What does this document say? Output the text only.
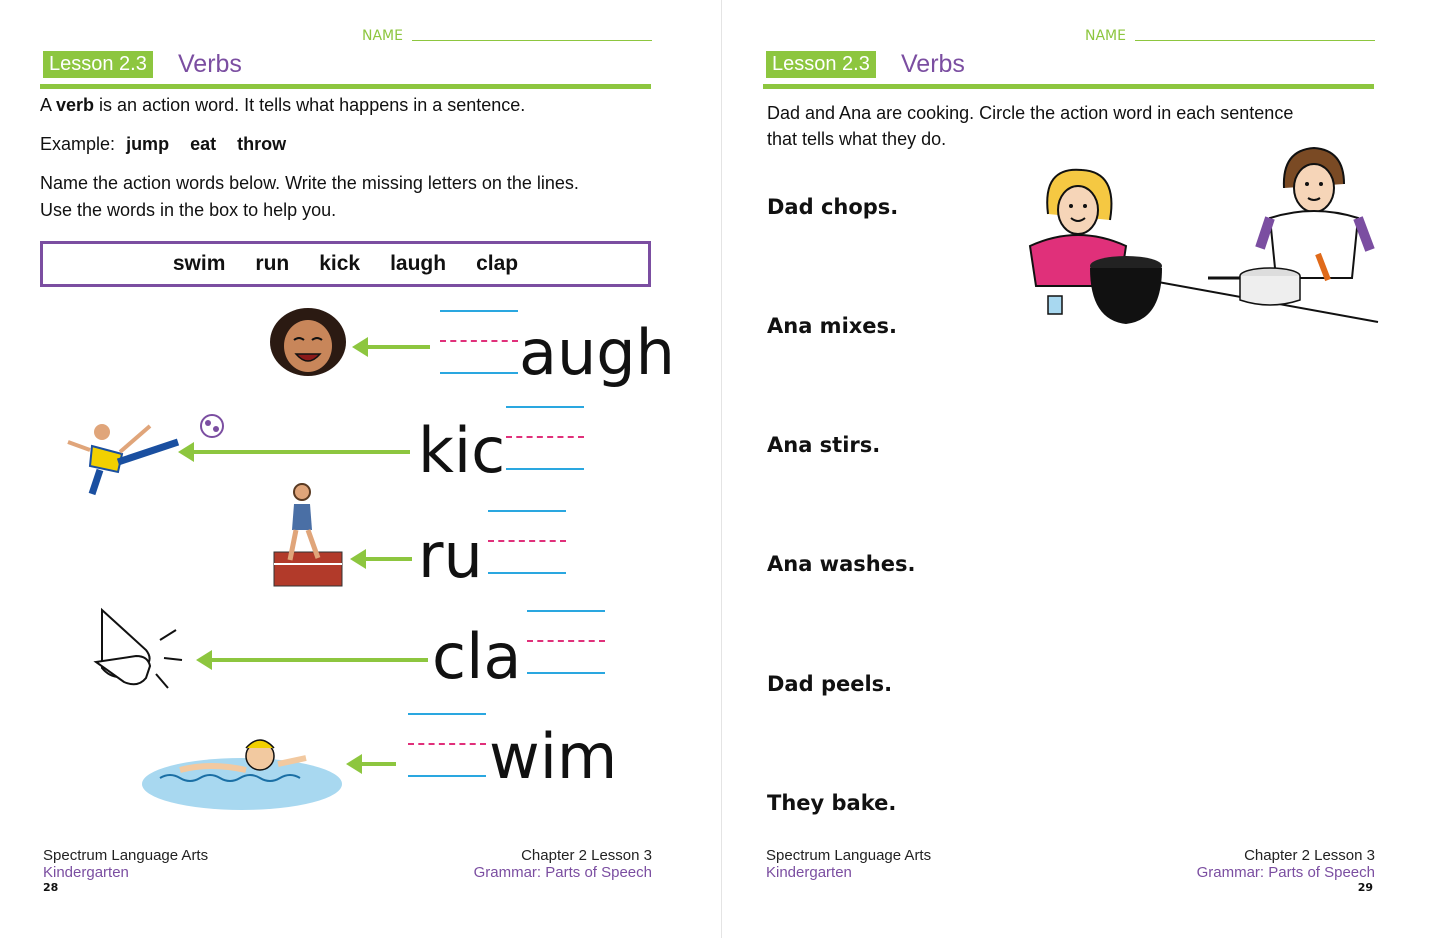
NAME
Lesson 2.3 Verbs
A verb is an action word. It tells what happens in a sentence.
Example: jump eat throw
Name the action words below. Write the missing letters on the lines.
Use the words in the box to help you.
swim run kick laugh clap
augh
kic
ru
cla
wim
Spectrum Language Arts
Kindergarten
28
Chapter 2 Lesson 3
Grammar: Parts of Speech
NAME
Lesson 2.3 Verbs
Dad and Ana are cooking. Circle the action word in each sentence
that tells what they do.
Dad chops.
Ana mixes.
Ana stirs.
Ana washes.
Dad peels.
They bake.
Spectrum Language Arts
Kindergarten
Chapter 2 Lesson 3
Grammar: Parts of Speech
29
